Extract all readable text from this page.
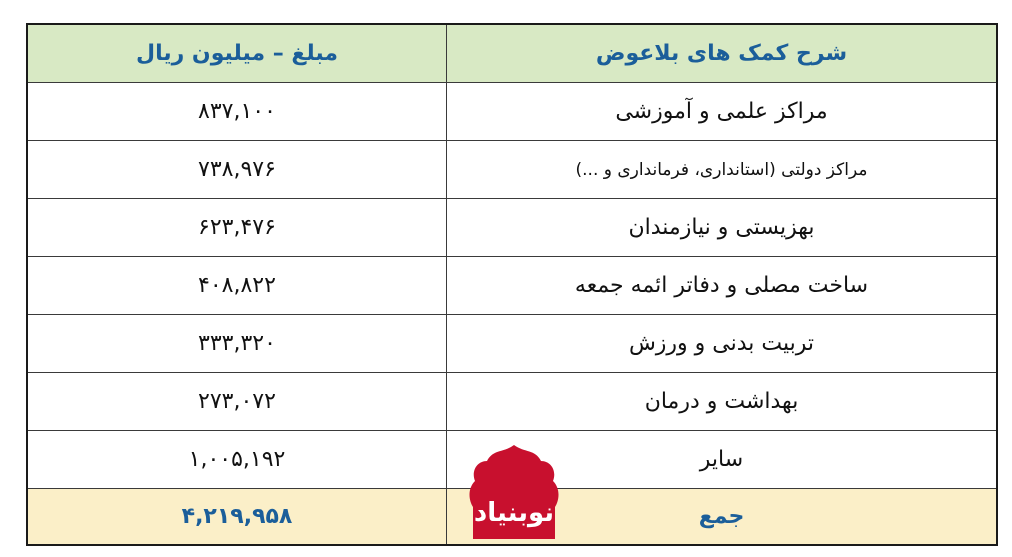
مبلغ – میلیون ریال	شرح کمک های بلاعوض
۸۳۷,۱۰۰	مراکز علمی و آموزشی
۷۳۸,۹۷۶	مراکز دولتی (استانداری، فرمانداری و ...)
۶۲۳,۴۷۶	بهزیستی و نیازمندان
۴۰۸,۸۲۲	ساخت مصلی و دفاتر ائمه جمعه
۳۳۳,۳۲۰	تربیت بدنی و ورزش
۲۷۳,۰۷۲	بهداشت و درمان
۱,۰۰۵,۱۹۲	سایر
۴,۲۱۹,۹۵۸	جمع
نوبنیاد
